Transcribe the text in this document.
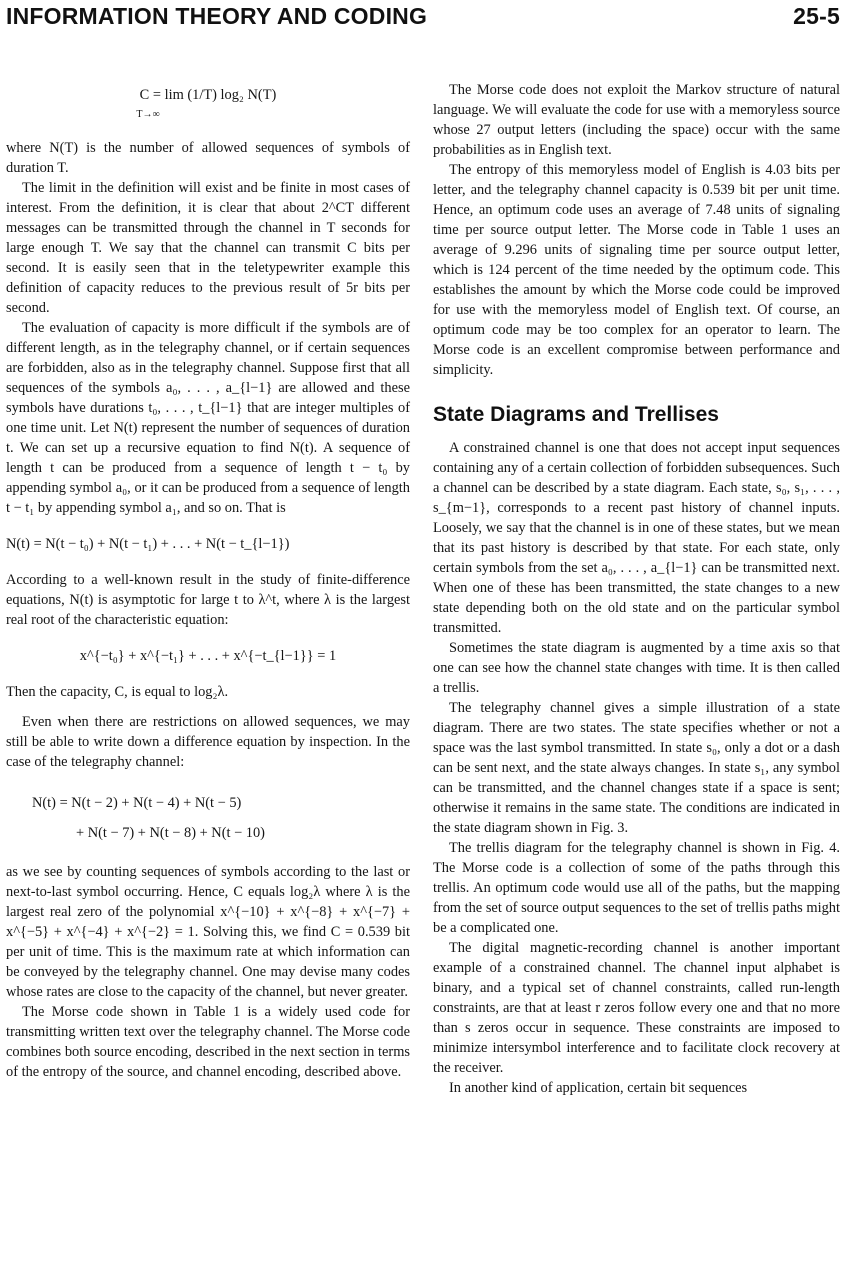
INFORMATION THEORY AND CODING	25-5
C = lim (1/T) log₂ N(T)
T→∞

where N(T) is the number of allowed sequences of symbols of duration T.

The limit in the definition will exist and be finite in most cases of interest. From the definition, it is clear that about 2^CT different messages can be transmitted through the channel in T seconds for large enough T. We say that the channel can transmit C bits per second. It is easily seen that in the teletypewriter example this definition of capacity reduces to the previous result of 5r bits per second.

The evaluation of capacity is more difficult if the symbols are of different length, as in the telegraphy channel, or if certain sequences are forbidden, also as in the telegraphy channel. Suppose first that all sequences of the symbols a₀, . . . , a_{l−1} are allowed and these symbols have durations t₀, . . . , t_{l−1} that are integer multiples of one time unit. Let N(t) represent the number of sequences of duration t. We can set up a recursive equation to find N(t). A sequence of length t can be produced from a sequence of length t − t₀ by appending symbol a₀, or it can be produced from a sequence of length t − t₁ by appending symbol a₁, and so on. That is

N(t) = N(t − t₀) + N(t − t₁) + . . . + N(t − t_{l−1})

According to a well-known result in the study of finite-difference equations, N(t) is asymptotic for large t to λ^t, where λ is the largest real root of the characteristic equation:

x^{−t₀} + x^{−t₁} + . . . + x^{−t_{l−1}} = 1

Then the capacity, C, is equal to log₂λ.

Even when there are restrictions on allowed sequences, we may still be able to write down a difference equation by inspection. In the case of the telegraphy channel:

N(t) = N(t − 2) + N(t − 4) + N(t − 5)
+ N(t − 7) + N(t − 8) + N(t − 10)

as we see by counting sequences of symbols according to the last or next-to-last symbol occurring. Hence, C equals log₂λ where λ is the largest real zero of the polynomial x^{−10} + x^{−8} + x^{−7} + x^{−5} + x^{−4} + x^{−2} = 1. Solving this, we find C = 0.539 bit per unit of time. This is the maximum rate at which information can be conveyed by the telegraphy channel. One may devise many codes whose rates are close to the capacity of the channel, but never greater.

The Morse code shown in Table 1 is a widely used code for transmitting written text over the telegraphy channel. The Morse code combines both source encoding, described in the next section in terms of the entropy of the source, and channel encoding, described above.

The Morse code does not exploit the Markov structure of natural language. We will evaluate the code for use with a memoryless source whose 27 output letters (including the space) occur with the same probabilities as in English text.

The entropy of this memoryless model of English is 4.03 bits per letter, and the telegraphy channel capacity is 0.539 bit per unit time. Hence, an optimum code uses an average of 7.48 units of signaling time per source output letter. The Morse code in Table 1 uses an average of 9.296 units of signaling time per source output letter, which is 124 percent of the time needed by the optimum code. This establishes the amount by which the Morse code could be improved for use with the memoryless model of English text. Of course, an optimum code may be too complex for an operator to learn. The Morse code is an excellent compromise between performance and simplicity.

State Diagrams and Trellises

A constrained channel is one that does not accept input sequences containing any of a certain collection of forbidden subsequences. Such a channel can be described by a state diagram. Each state, s₀, s₁, . . . , s_{m−1}, corresponds to a recent past history of channel inputs. Loosely, we say that the channel is in one of these states, but we mean that its past history is described by that state. For each state, only certain symbols from the set a₀, . . . , a_{l−1} can be transmitted next. When one of these has been transmitted, the state changes to a new state depending both on the old state and on the particular symbol transmitted.

Sometimes the state diagram is augmented by a time axis so that one can see how the channel state changes with time. It is then called a trellis.

The telegraphy channel gives a simple illustration of a state diagram. There are two states. The state specifies whether or not a space was the last symbol transmitted. In state s₀, only a dot or a dash can be sent next, and the state always changes. In state s₁, any symbol can be transmitted, and the channel changes state if a space is sent; otherwise it remains in the same state. The conditions are indicated in the state diagram shown in Fig. 3.

The trellis diagram for the telegraphy channel is shown in Fig. 4. The Morse code is a collection of some of the paths through this trellis. An optimum code would use all of the paths, but the mapping from the set of source output sequences to the set of trellis paths might be a complicated one.

The digital magnetic-recording channel is another important example of a constrained channel. The channel input alphabet is binary, and a typical set of channel constraints, called run-length constraints, are that at least r zeros follow every one and that no more than s zeros occur in sequence. These constraints are imposed to minimize intersymbol interference and to facilitate clock recovery at the receiver.

In another kind of application, certain bit sequences
